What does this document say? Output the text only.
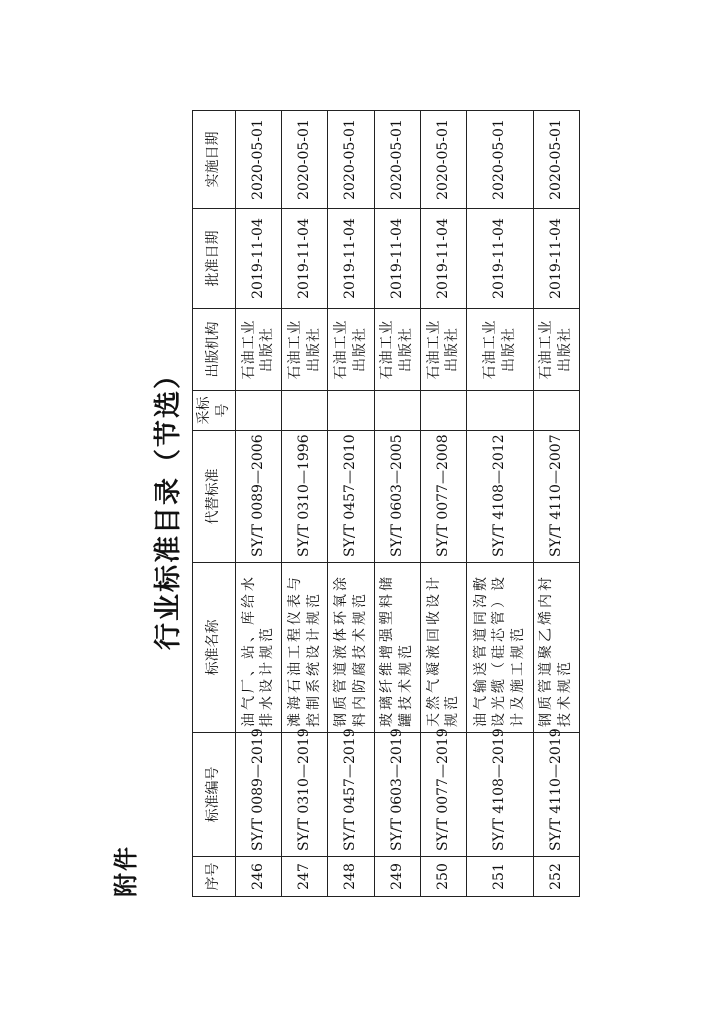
附件
行业标准目录（节选）
序号	标准编号	标准名称	代替标准	采标号	出版机构	批准日期	实施日期
246	SY/T 0089—2019	油气厂、站、库给水排水设计规范	SY/T 0089—2006		石油工业出版社	2019-11-04	2020-05-01
247	SY/T 0310—2019	滩海石油工程仪表与控制系统设计规范	SY/T 0310—1996		石油工业出版社	2019-11-04	2020-05-01
248	SY/T 0457—2019	钢质管道液体环氧涂料内防腐技术规范	SY/T 0457—2010		石油工业出版社	2019-11-04	2020-05-01
249	SY/T 0603—2019	玻璃纤维增强塑料储罐技术规范	SY/T 0603—2005		石油工业出版社	2019-11-04	2020-05-01
250	SY/T 0077—2019	天然气凝液回收设计规范	SY/T 0077—2008		石油工业出版社	2019-11-04	2020-05-01
251	SY/T 4108—2019	油气输送管道同沟敷设光缆（硅芯管）设计及施工规范	SY/T 4108—2012		石油工业出版社	2019-11-04	2020-05-01
252	SY/T 4110—2019	钢质管道聚乙烯内衬技术规范	SY/T 4110—2007		石油工业出版社	2019-11-04	2020-05-01
